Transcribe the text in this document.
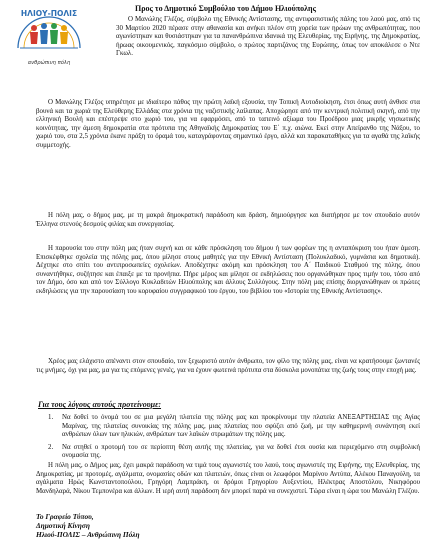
ΗΛΙΟΥ-ΠΟΛΙΣ
ανθρώπινη πόλη
Προς το Δημοτικό Συμβούλιο του Δήμου Ηλιούπολης

Ο Μανώλης Γλέζος, σύμβολο της Εθνικής Αντίστασης, της αντιφασιστικής πάλης του λαού μας, από τις 30 Μαρτίου 2020 πέρασε στην αθανασία και ανήκει πλέον στη χορεία των ηρώων της ανθρωπότητας, που αγωνίστηκαν και θυσιάστηκαν για τα πανανθρώπινα ιδανικά της Ελευθερίας, της Ειρήνης, της Δημοκρατίας, ήρωας οικουμενικός, παγκόσμιο σύμβολο, ο πρώτος παρτιζάνος της Ευρώπης, όπως τον αποκάλεσε ο Ντε Γκωλ.

Ο Μανώλης Γλέζος υπηρέτησε με ιδιαίτερο πάθος την πρώτη λαϊκή εξουσία, την Τοπική Αυτοδιοίκηση, έτσι όπως αυτή άνθισε στα βουνά και τα χωριά της Ελεύθερης Ελλάδας στα χρόνια της ναζιστικής λαίλαπας. Αποχώρησε από την κεντρική πολιτική σκηνή, από την ελληνική Βουλή και επέστρεψε στο χωριό του, για να εφαρμόσει, από το ταπεινό αξίωμα του Προέδρου μιας μικρής νησιωτικής κοινότητας, την άμεση δημοκρατία στα πρότυπα της Αθηναϊκής Δημοκρατίας του Ε΄ π.χ. αιώνα. Εκεί στην Απείρανθο της Νάξου, το χωριό του, στα 2,5 χρόνια έκανε πράξη το όραμά του, καταγράφοντας σημαντικό έργο, αλλά και παρακαταθήκες για τα αγαθά της λαϊκής συμμετοχής.

Η πόλη μας, ο δήμος μας, με τη μακρά δημοκρατική παράδοση και δράση, δημιούργησε και διατήρησε με τον σπουδαίο αυτόν Έλληνα στενούς δεσμούς φιλίας και συνεργασίας.

Η παρουσία του στην πόλη μας ήταν συχνή και σε κάθε πρόσκληση του δήμου ή των φορέων της η ανταπόκριση του ήταν άμεση. Επισκέφθηκε σχολεία της πόλης μας, όπου μίλησε στους μαθητές για την Εθνική Αντίσταση (Πολυκλαδικό, γυμνάσια και δημοτικά). Δέχτηκε στο σπίτι του αντιπροσωπείες σχολείων. Αποδέχτηκε ακόμη και πρόσκληση του Α΄ Παιδικού Σταθμού της πόλης, όπου συναντήθηκε, συζήτησε και έπαιξε με τα προνήπια. Πήρε μέρος και μίλησε σε εκδηλώσεις που οργανώθηκαν προς τιμήν του, τόσο από τον Δήμο, όσο και από τον Σύλλογο Κυκλαδιτών Ηλιούπολης και άλλους Συλλόγους. Στην πόλη μας επίσης διοργανώθηκαν οι πρώτες εκδηλώσεις για την παρουσίαση του κορυφαίου συγγραφικού του έργου, του βιβλίου του «Ιστορία της Εθνικής Αντίστασης».

Χρέος μας ελάχιστο απέναντι στον σπουδαίο, τον ξεχωριστό αυτόν άνθρωπο, τον φίλο της πόλης μας, είναι να κρατήσουμε ζωντανές τις μνήμες, όχι για μας, μα για τις επόμενες γενιές, για να έχουν φωτεινά πρότυπα στα δύσκολα μονοπάτια της ζωής τους στην εποχή μας.

Για τους λόγους αυτούς προτείνουμε:
1. Να δοθεί το όνομά του σε μια μεγάλη πλατεία της πόλης μας και προκρίνουμε την πλατεία ΑΝΕΞΑΡΤΗΣΙΑΣ της Αγίας Μαρίνας, της πλατείας συνοικίας της πόλης μας, μιας πλατείας που σφύζει από ζωή, με την καθημερινή συνάντηση εκεί ανθρώπων όλων των ηλικιών, ανθρώπων των λαϊκών στρωμάτων της πόλης μας.
2. Να στηθεί ο προτομή του σε περίοπτη θέση αυτής της πλατείας, για να δοθεί έτσι ουσία και περιεχόμενο στη συμβολική ονομασία της.

Η πόλη μας, ο Δήμος μας, έχει μακρά παράδοση να τιμά τους αγωνιστές του λαού, τους αγωνιστές της Ειρήνης, της Ελευθερίας, της Δημοκρατίας, με προτομές, αγάλματα, ονομασίες οδών και πλατειών, όπως είναι οι λεωφόροι Μαρίνου Αντύπα, Αλέκου Παναγούλη, τα αγάλματα Ηρώς Κωνσταντοπούλου, Γρηγόρη Λαμπράκη, οι δρόμοι Γρηγορίου Αυξεντίου, Ηλέκτρας Αποστόλου, Νικηφόρου Μανδηλαρά, Νίκου Τεμπονέρα και άλλων. Η ιερή αυτή παράδοση δεν μπορεί παρά να συνεχιστεί. Τώρα είναι η ώρα του Μανώλη Γλέζου.

Το Γραφείο Τύπου,
Δημοτική Κίνηση
Ηλιού-ΠΟΛΙΣ – Ανθρώπινη Πόλη
